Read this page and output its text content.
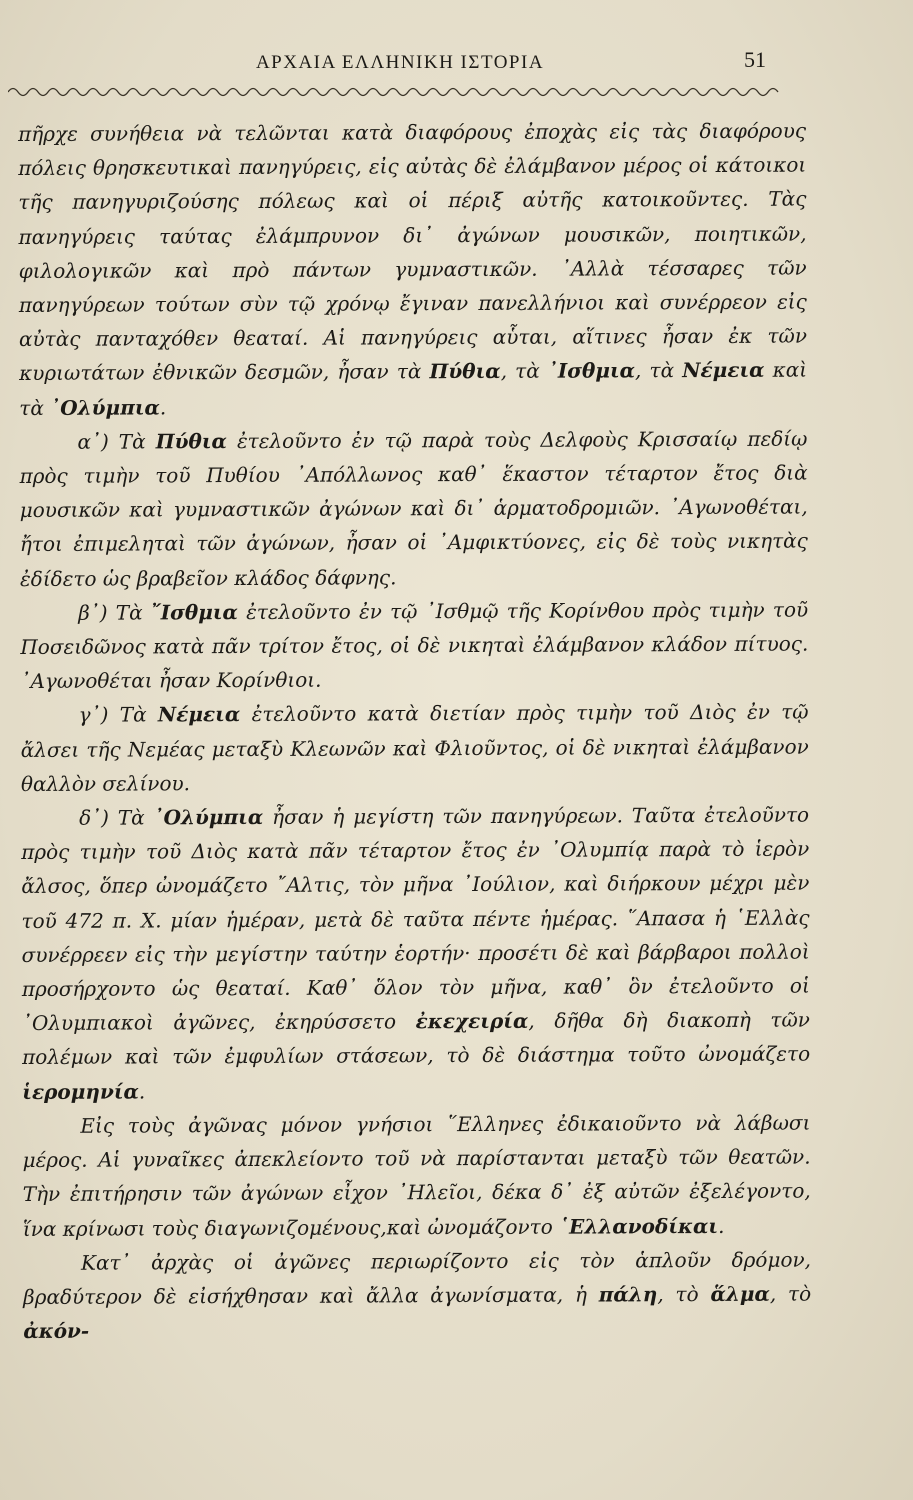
ΑΡΧΑΙΑ ΕΛΛΗΝΙΚΗ ΙΣΤΟΡΙΑ	51

πῆρχε συνήθεια νὰ τελῶνται κατὰ διαφόρους ἐποχὰς εἰς τὰς διαφόρους πόλεις θρησκευτικαὶ πανηγύρεις, εἰς αὐτὰς δὲ ἐλάμβανον μέρος οἱ κάτοικοι τῆς πανηγυριζούσης πόλεως καὶ οἱ πέριξ αὐτῆς κατοικοῦντες. Τὰς πανηγύρεις ταύτας ἐλάμπρυνον δι᾽ ἀγώνων μουσικῶν, ποιητικῶν, φιλολογικῶν καὶ πρὸ πάντων γυμναστικῶν. ᾽Αλλὰ τέσσαρες τῶν πανηγύρεων τούτων σὺν τῷ χρόνῳ ἔγιναν πανελλήνιοι καὶ συνέρρεον εἰς αὐτὰς πανταχόθεν θεαταί. Αἱ πανηγύρεις αὗται, αἵτινες ἦσαν ἐκ τῶν κυριωτάτων ἐθνικῶν δεσμῶν, ἦσαν τὰ Πύθια, τὰ ᾽Ισθμια, τὰ Νέμεια καὶ τὰ ᾽Ολύμπια.

α᾽) Τὰ Πύθια ἐτελοῦντο ἐν τῷ παρὰ τοὺς Δελφοὺς Κρισσαίῳ πεδίῳ πρὸς τιμὴν τοῦ Πυθίου ᾽Απόλλωνος καθ᾽ ἕκαστον τέταρτον ἔτος διὰ μουσικῶν καὶ γυμναστικῶν ἀγώνων καὶ δι᾽ ἁρματοδρομιῶν. ᾽Αγωνοθέται, ἤτοι ἐπιμεληταὶ τῶν ἀγώνων, ἦσαν οἱ ᾽Αμφικτύονες, εἰς δὲ τοὺς νικητὰς ἐδίδετο ὡς βραβεῖον κλάδος δάφνης.

β᾽) Τὰ ῎Ισθμια ἐτελοῦντο ἐν τῷ ᾽Ισθμῷ τῆς Κορίνθου πρὸς τιμὴν τοῦ Ποσειδῶνος κατὰ πᾶν τρίτον ἔτος, οἱ δὲ νικηταὶ ἐλάμβανον κλάδον πίτυος. ᾽Αγωνοθέται ἦσαν Κορίνθιοι.

γ᾽) Τὰ Νέμεια ἐτελοῦντο κατὰ διετίαν πρὸς τιμὴν τοῦ Διὸς ἐν τῷ ἄλσει τῆς Νεμέας μεταξὺ Κλεωνῶν καὶ Φλιοῦντος, οἱ δὲ νικηταὶ ἐλάμβανον θαλλὸν σελίνου.

δ᾽) Τὰ ᾽Ολύμπια ἦσαν ἡ μεγίστη τῶν πανηγύρεων. Ταῦτα ἐτελοῦντο πρὸς τιμὴν τοῦ Διὸς κατὰ πᾶν τέταρτον ἔτος ἐν ᾽Ολυμπίᾳ παρὰ τὸ ἱερὸν ἄλσος, ὅπερ ὠνομάζετο ῎Αλτις, τὸν μῆνα ᾽Ιούλιον, καὶ διήρκουν μέχρι μὲν τοῦ 472 π. Χ. μίαν ἡμέραν, μετὰ δὲ ταῦτα πέντε ἡμέρας. ῞Απασα ἡ ῾Ελλὰς συνέρρεεν εἰς τὴν μεγίστην ταύτην ἑορτήν· προσέτι δὲ καὶ βάρβαροι πολλοὶ προσήρχοντο ὡς θεαταί. Καθ᾽ ὅλον τὸν μῆνα, καθ᾽ ὃν ἐτελοῦντο οἱ ᾽Ολυμπιακοὶ ἀγῶνες, ἐκηρύσσετο ἐκεχειρία, δῆθα δὴ διακοπὴ τῶν πολέμων καὶ τῶν ἐμφυλίων στάσεων, τὸ δὲ διάστημα τοῦτο ὠνομάζετο ἱερομηνία.

Εἰς τοὺς ἀγῶνας μόνον γνήσιοι ῞Ελληνες ἐδικαιοῦντο νὰ λάβωσι μέρος. Αἱ γυναῖκες ἀπεκλείοντο τοῦ νὰ παρίστανται μεταξὺ τῶν θεατῶν. Τὴν ἐπιτήρησιν τῶν ἀγώνων εἶχον ᾽Ηλεῖοι, δέκα δ᾽ ἐξ αὐτῶν ἐξελέγοντο, ἵνα κρίνωσι τοὺς διαγωνιζομένους,καὶ ὠνομάζοντο ῾Ελλανοδίκαι.

Κατ᾽ ἀρχὰς οἱ ἀγῶνες περιωρίζοντο εἰς τὸν ἁπλοῦν δρόμον, βραδύτερον δὲ εἰσήχθησαν καὶ ἄλλα ἀγωνίσματα, ἡ πάλη, τὸ ἅλμα, τὸ ἀκόν-
